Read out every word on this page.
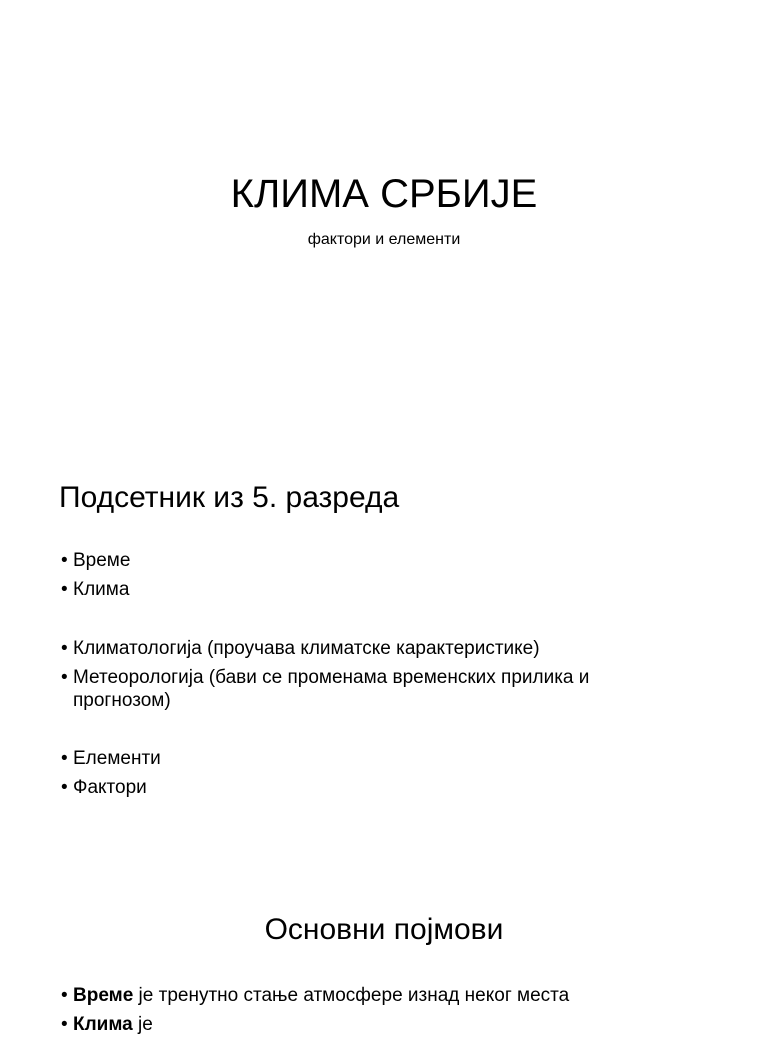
КЛИМА СРБИЈЕ

фактори и елементи

Подсетник из 5. разреда
• Време
• Клима
• Климатологија (проучава климатске карактеристике)
• Метеорологија (бави се променама временских прилика и прогнозом)
• Елементи
• Фактори
Основни појмови
• Време је тренутно стање атмосфере изнад неког места
• Клима је
